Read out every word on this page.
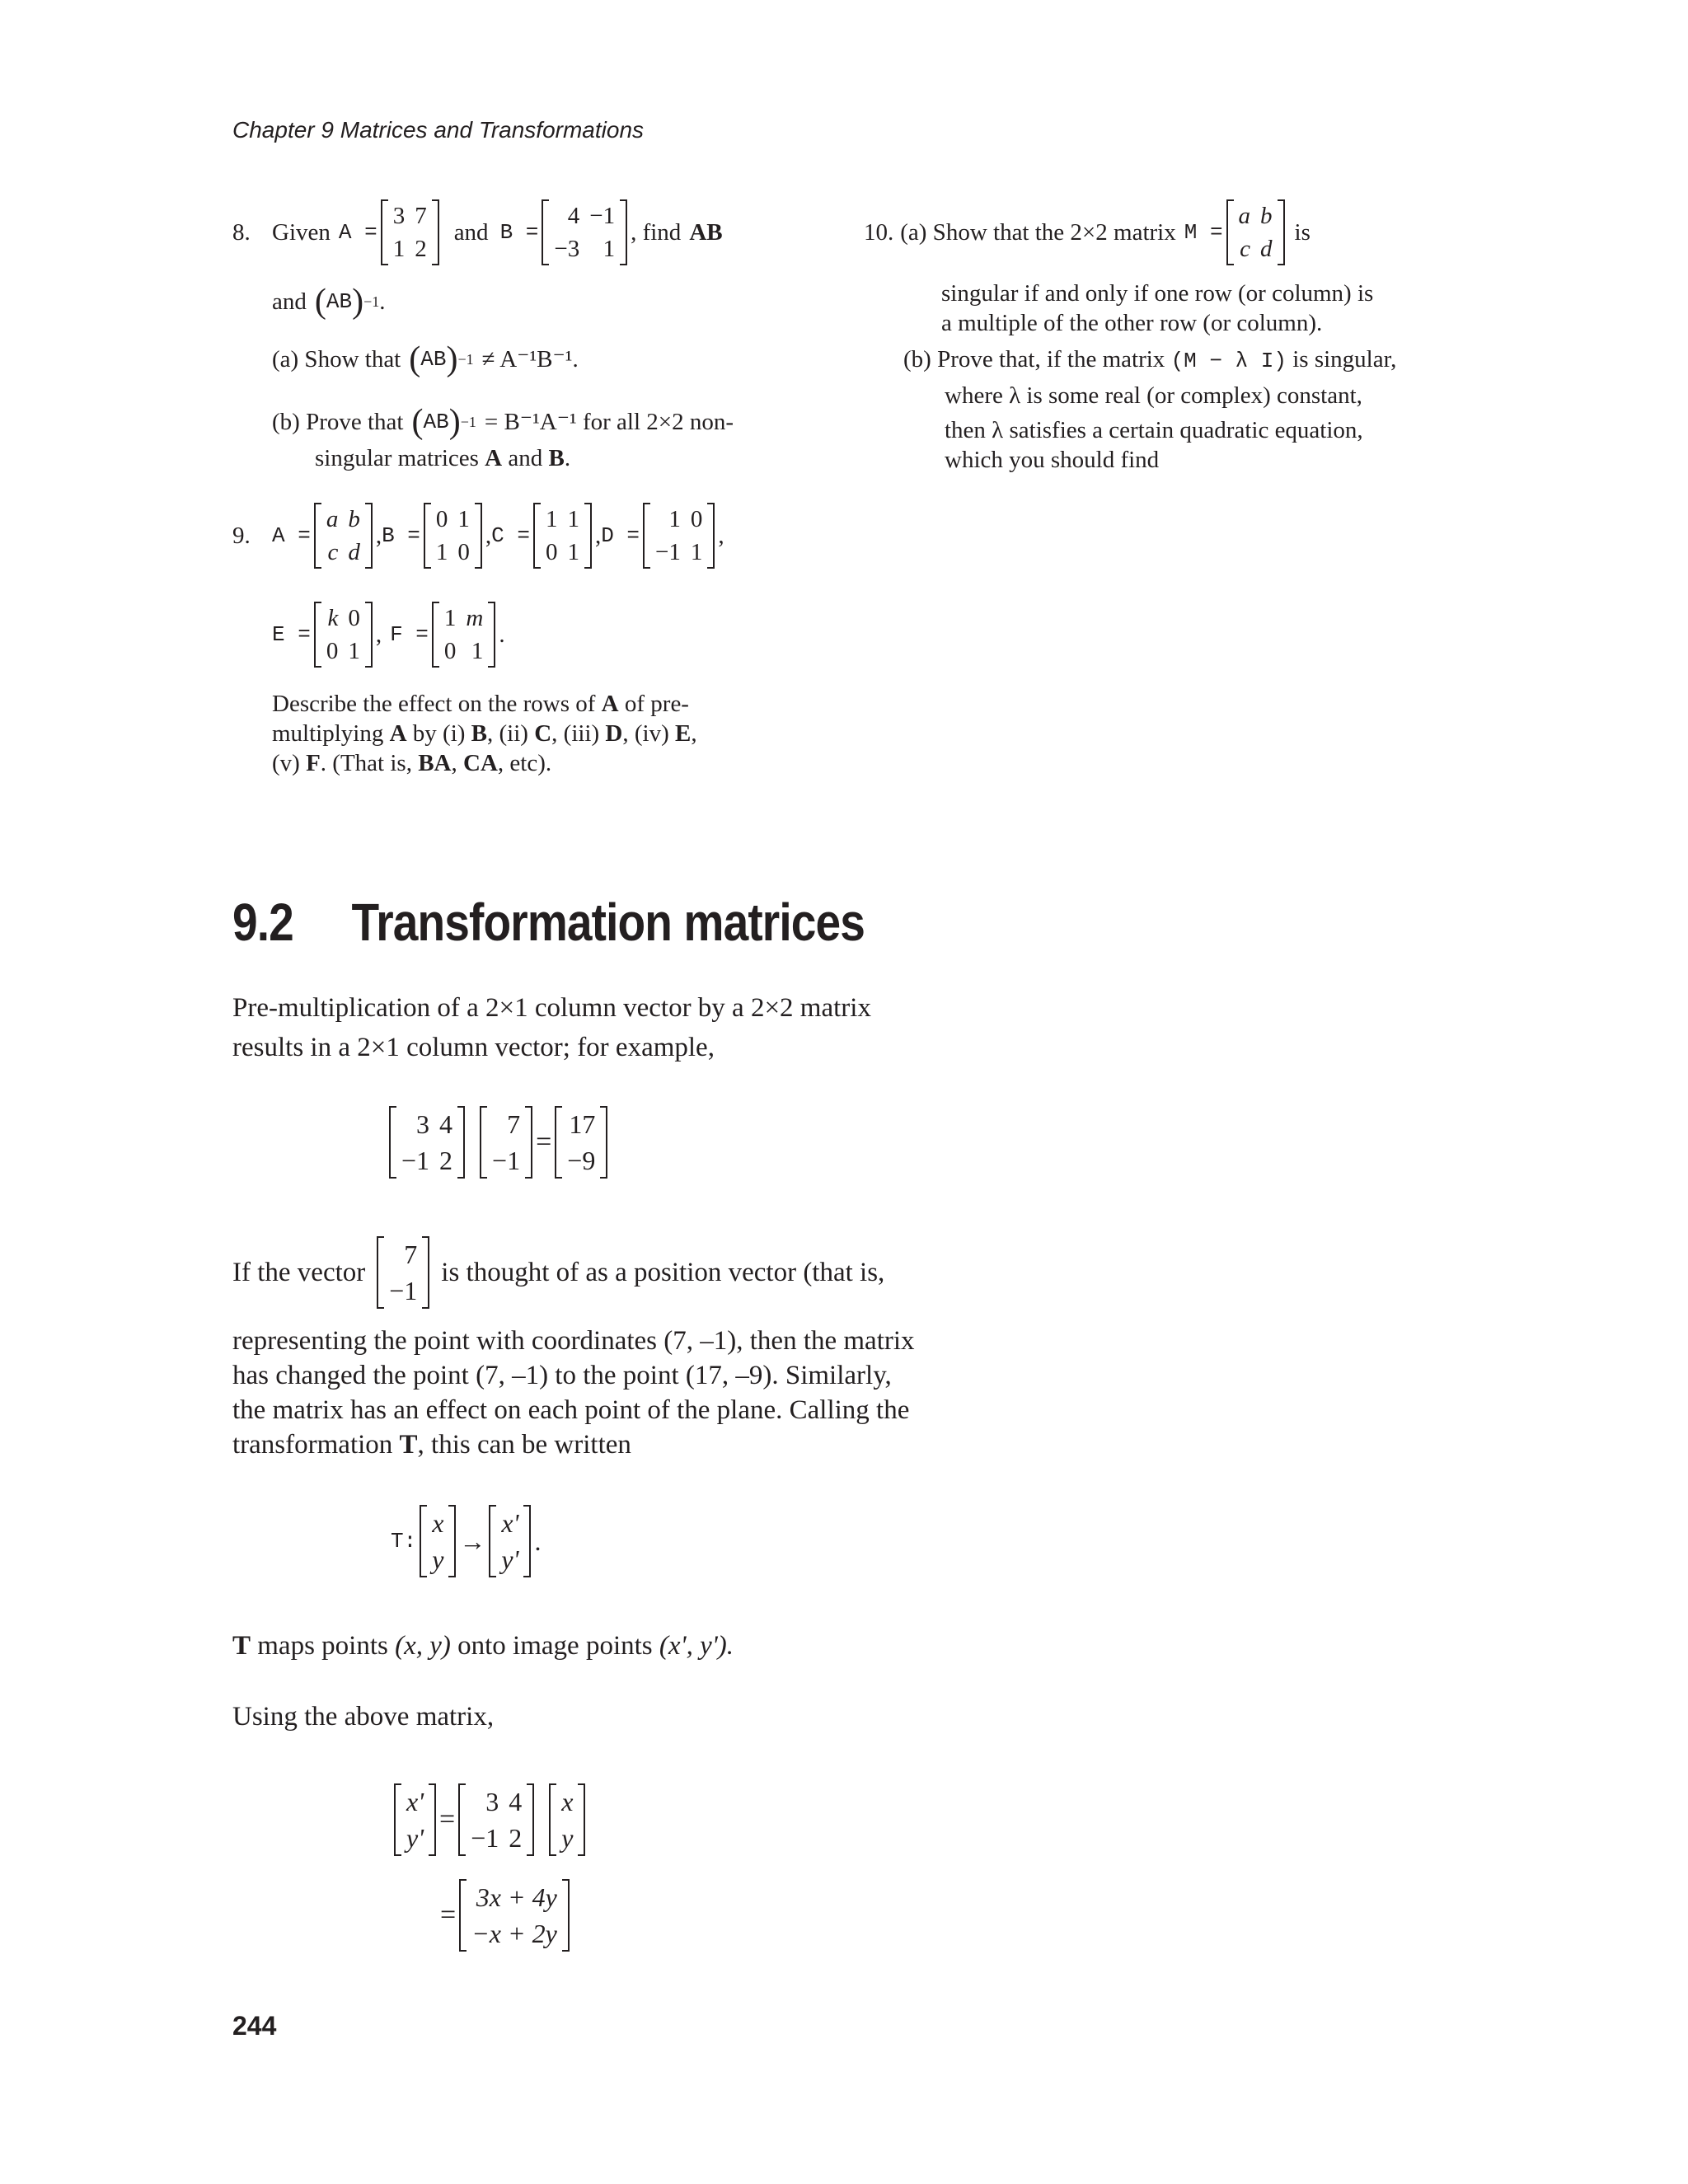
Chapter 9 Matrices and Transformations
8. Given A =
3	7
1	2
and B =
4	−1
−3	1
, find AB
and ( AB ) −1 .
(a) Show that ( AB ) −1 ≠ A⁻¹B⁻¹.
(b) Prove that ( AB ) −1 = B⁻¹A⁻¹ for all 2×2 non-
singular matrices A and B.
9.	A =
a	b
c	d
, B =
0	1
1	0
, C =
1	1
0	1
, D =
1	0
−1	1
,
E =
k	0
0	1
, F =
1	m
0	1
.
Describe the effect on the rows of A of pre-
multiplying A by (i) B, (ii) C, (iii) D, (iv) E,
(v) F. (That is, BA, CA, etc).
10. (a) Show that the 2×2 matrix M =
a	b
c	d
is
singular if and only if one row (or column) is
a multiple of the other row (or column).
(b) Prove that, if the matrix (M − λ I) is singular,
where λ is some real (or complex) constant,
then λ satisfies a certain quadratic equation,
which you should find
9.2 Transformation matrices
Pre-multiplication of a 2×1 column vector by a 2×2 matrix
results in a 2×1 column vector; for example,
3	4
−1	2
7
−1
=
17
−9
If the vector
7
−1
is thought of as a position vector (that is,
representing the point with coordinates (7, –1), then the matrix
has changed the point (7, –1) to the point (17, –9). Similarly,
the matrix has an effect on each point of the plane. Calling the
transformation T, this can be written
T:
x
y
→
x'
y'
.
T maps points (x, y) onto image points (x', y').
Using the above matrix,
x'
y'
=
3	4
−1	2
x
y
=
3x + 4y
−x + 2y
244
